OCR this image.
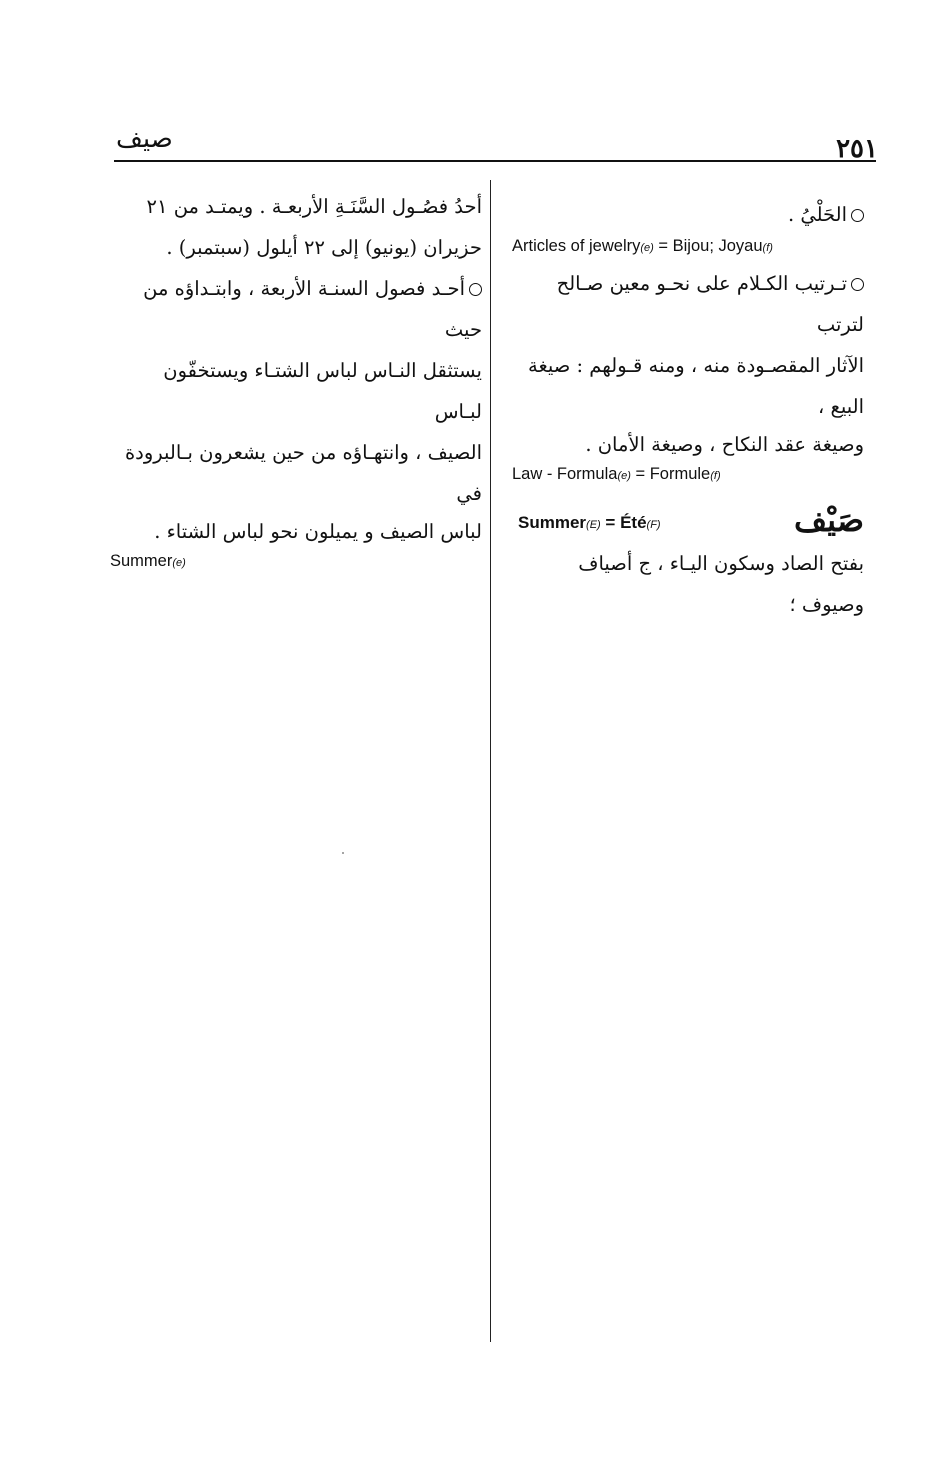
صيف	٢٥١

الحَلْيُ .

Articles of jewelry(e) = Bijou; Joyau(f)

تـرتيب الكـلام على نحـو معين صـالح لترتب

الآثار المقصـودة منه ، ومنه قـولهم : صيغة البيع ،

وصيغة عقد النكاح ، وصيغة الأمان .

Law - Formula(e) = Formule(f)

Summer(E) = Été(F)	صَيْف

بفتح الصاد وسكون اليـاء ، ج أصياف وصيوف ؛

أحدُ فصُـول السَّنَـةِ الأربعـة . ويمتـد من ٢١

حزيران (يونيو) إلى ٢٢ أيلول (سبتمبر) .

أحـد فصول السنـة الأربعة ، وابتـداؤه من حيث

يستثقل النـاس لباس الشتـاء ويستخفّون لبـاس

الصيف ، وانتهـاؤه من حين يشعرون بـالبرودة في

لباس الصيف و يميلون نحو لباس الشتاء .

Summer(e)
